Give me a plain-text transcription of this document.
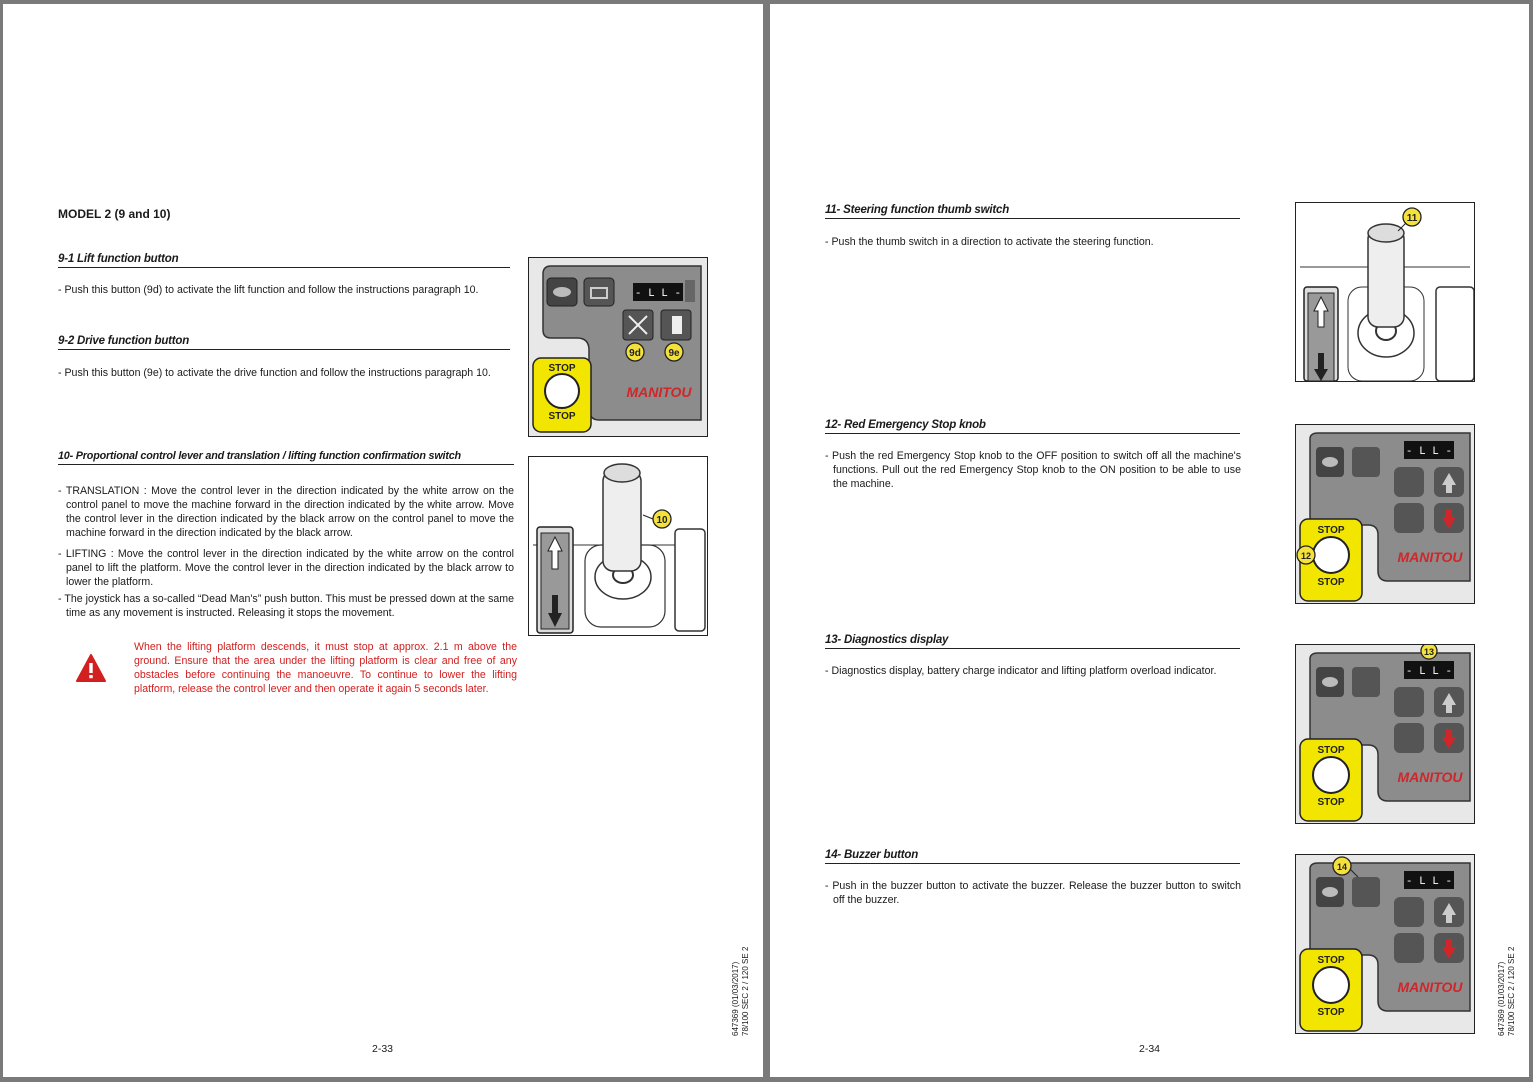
MODEL 2 (9 and 10)
9-1 Lift function button

- Push this button (9d) to activate the lift function and follow the instructions paragraph 10.

9-2 Drive function button

- Push this button (9e) to activate the drive function and follow the instructions paragraph 10.

10- Proportional control lever and translation / lifting function confirmation switch

- TRANSLATION : Move the control lever in the direction indicated by the white arrow on the control panel to move the machine forward in the direction indicated by the white arrow. Move the control lever in the direction indicated by the black arrow on the control panel to move the machine forward in the direction indicated by the black arrow.

- LIFTING : Move the control lever in the direction indicated by the white arrow on the control panel to lift the platform. Move the control lever in the direction indicated by the black arrow to lower the platform.

- The joystick has a so-called “Dead Man's” push button. This must be pressed down at the same time as any movement is instructed. Releasing it stops the movement.

When the lifting platform descends, it must stop at approx. 2.1 m above the ground. Ensure that the area under the lifting platform is clear and free of any obstacles before continuing the manoeuvre. To continue to lower the lifting platform, release the control lever and then operate it again 5 seconds later.
- L L -
STOP
STOP
MANITOU
9d	9e
10
647369 (01/03/2017) 78/100 SEC 2 / 120 SE 2
2-33
11- Steering function thumb switch

- Push the thumb switch in a direction to activate the steering function.

12- Red Emergency Stop knob

- Push the red Emergency Stop knob to the OFF position to switch off all the machine's functions. Pull out the red Emergency Stop knob to the ON position to be able to use the machine.

13- Diagnostics display

- Diagnostics display, battery charge indicator and lifting platform overload indicator.

14- Buzzer button

- Push in the buzzer button to activate the buzzer. Release the buzzer button to switch off the buzzer.

11
- L L -
STOP
STOP
MANITOU
12
- L L -
STOP
STOP
MANITOU
13
- L L -
STOP
STOP
MANITOU
14
647369 (01/03/2017) 78/100 SEC 2 / 120 SE 2
2-34
